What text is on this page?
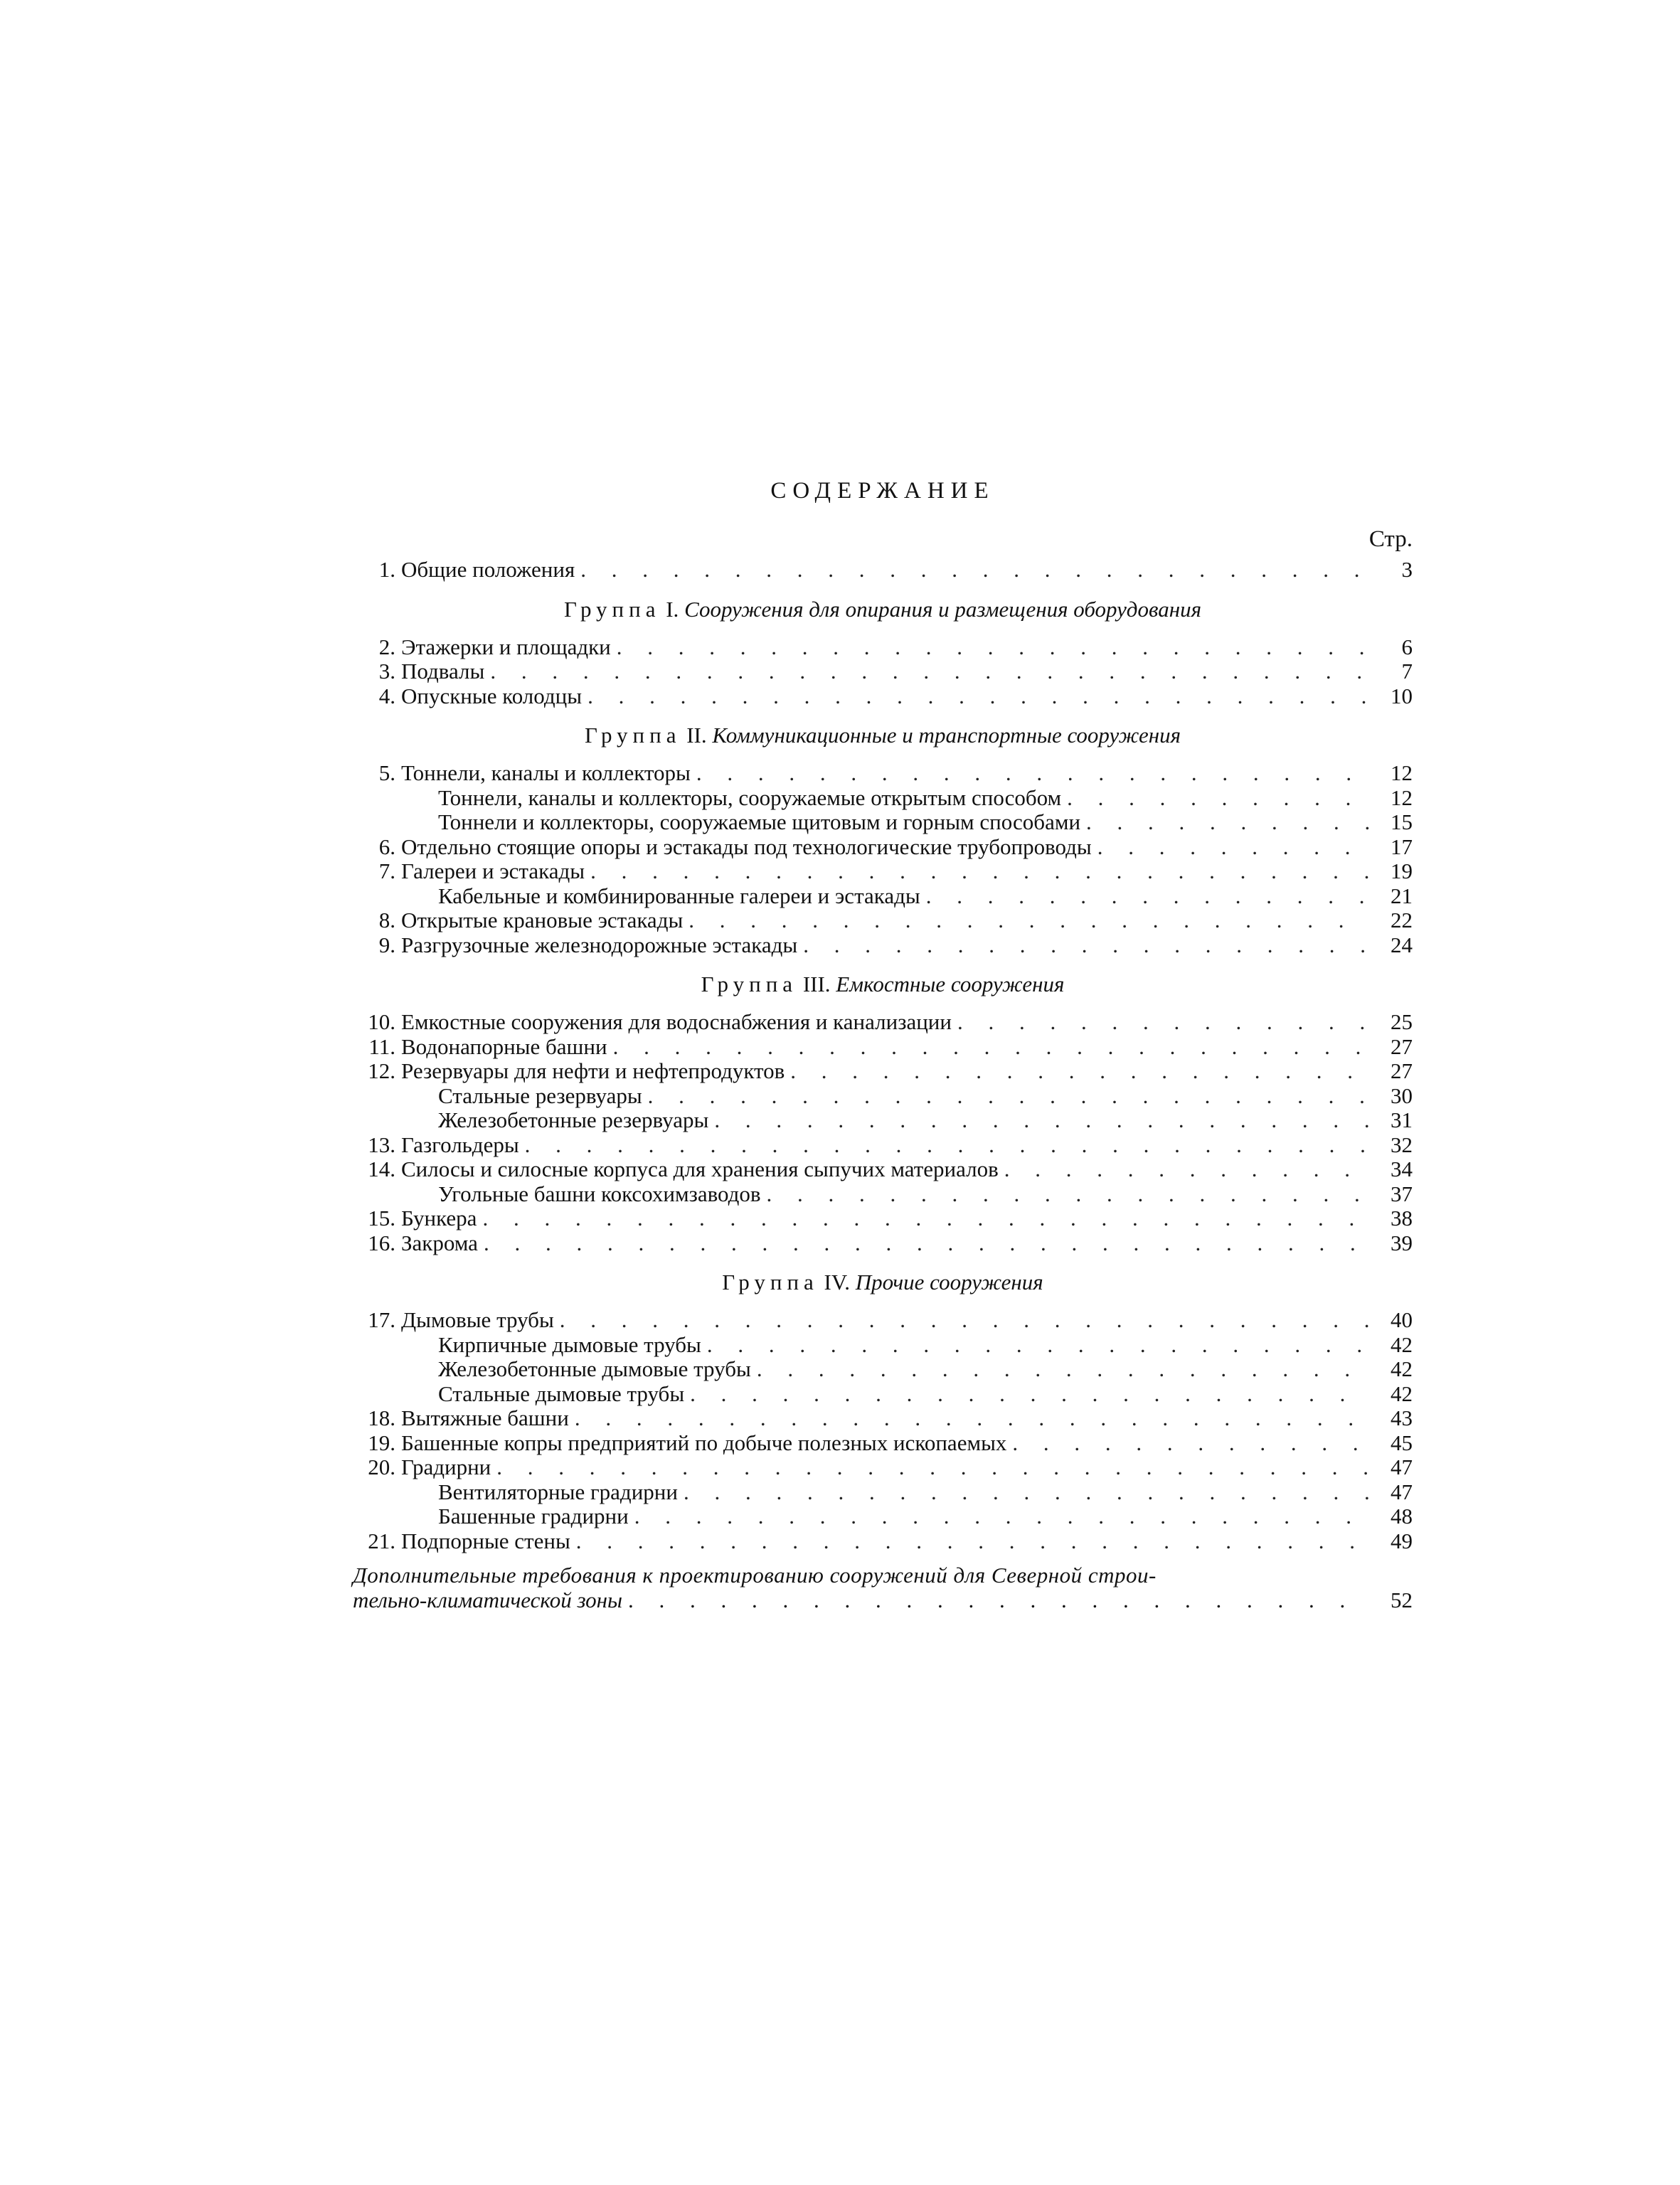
СОДЕРЖАНИЕ
Стр.
1. Общие положения . . .	3
Группа I. Сооружения для опирания и размещения оборудования
2. Этажерки и площадки . . .	6
3. Подвалы . . .	7
4. Опускные колодцы . . .	10
Группа II. Коммуникационные и транспортные сооружения
5. Тоннели, каналы и коллекторы . . .	12
Тоннели, каналы и коллекторы, сооружаемые открытым способом . . .	12
Тоннели и коллекторы, сооружаемые щитовым и горным способами . . .	15
6. Отдельно стоящие опоры и эстакады под технологические трубопроводы . . .	17
7. Галереи и эстакады . . .	19
Кабельные и комбинированные галереи и эстакады . . .	21
8. Открытые крановые эстакады . . .	22
9. Разгрузочные железнодорожные эстакады . . .	24
Группа III. Емкостные сооружения
10. Емкостные сооружения для водоснабжения и канализации . . .	25
11. Водонапорные башни . . .	27
12. Резервуары для нефти и нефтепродуктов . . .	27
Стальные резервуары . . .	30
Железобетонные резервуары . . .	31
13. Газгольдеры . . .	32
14. Силосы и силосные корпуса для хранения сыпучих материалов . . .	34
Угольные башни коксохимзаводов . . .	37
15. Бункера . . .	38
16. Закрома . . .	39
Группа IV. Прочие сооружения
17. Дымовые трубы . . .	40
Кирпичные дымовые трубы . . .	42
Железобетонные дымовые трубы . . .	42
Стальные дымовые трубы . . .	42
18. Вытяжные башни . . .	43
19. Башенные копры предприятий по добыче полезных ископаемых . . .	45
20. Градирни . . .	47
Вентиляторные градирни . . .	47
Башенные градирни . . .	48
21. Подпорные стены . . .	49
Дополнительные требования к проектированию сооружений для Северной строи-
тельно-климатической зоны . . .	52
